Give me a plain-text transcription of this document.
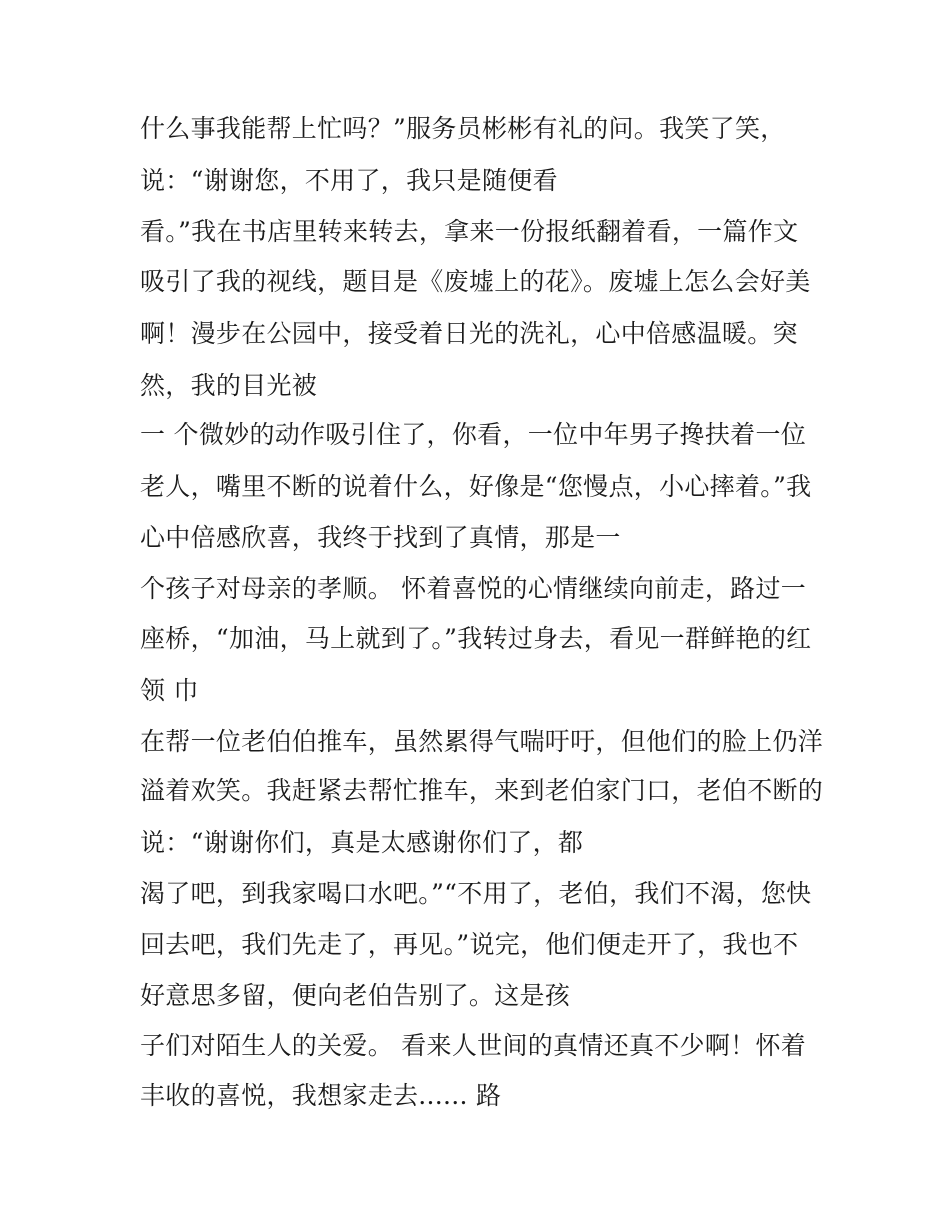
什么事我能帮上忙吗？”服务员彬彬有礼的问。我笑了笑，
说：“谢谢您，不用了，我只是随便看
看。”我在书店里转来转去，拿来一份报纸翻着看，一篇作文
吸引了我的视线，题目是《废墟上的花》。废墟上怎么会好美
啊！漫步在公园中，接受着日光的洗礼，心中倍感温暖。突
然，我的目光被
一 个微妙的动作吸引住了，你看，一位中年男子搀扶着一位
老人，嘴里不断的说着什么，好像是“您慢点，小心摔着。”我
心中倍感欣喜，我终于找到了真情，那是一
个孩子对母亲的孝顺。 怀着喜悦的心情继续向前走，路过一
座桥，“加油，马上就到了。”我转过身去，看见一群鲜艳的红
领 巾
在帮一位老伯伯推车，虽然累得气喘吁吁，但他们的脸上仍洋
溢着欢笑。我赶紧去帮忙推车，来到老伯家门口，老伯不断的
说：“谢谢你们，真是太感谢你们了，都
渴了吧，到我家喝口水吧。”“不用了，老伯，我们不渴，您快
回去吧，我们先走了，再见。”说完，他们便走开了，我也不
好意思多留，便向老伯告别了。这是孩
子们对陌生人的关爱。 看来人世间的真情还真不少啊！怀着
丰收的喜悦，我想家走去...... 路
